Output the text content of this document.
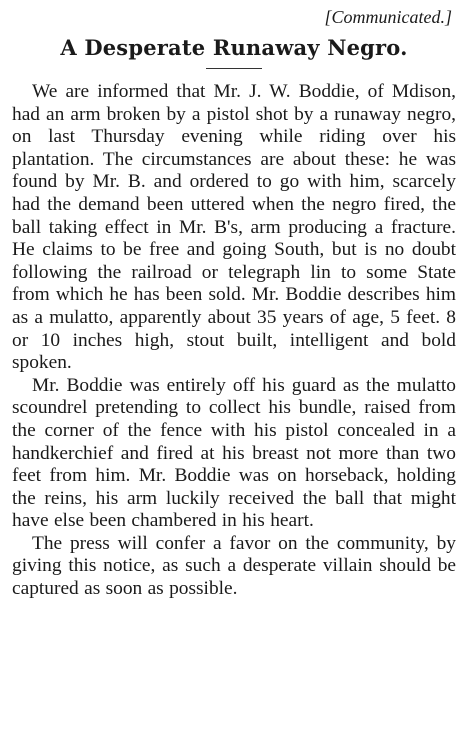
[Communicated.]
A Desperate Runaway Negro.

We are informed that Mr. J. W. Boddie, of Mdison, had an arm broken by a pistol shot by a runaway negro, on last Thursday evening while riding over his plantation. The circumstances are about these: he was found by Mr. B. and ordered to go with him, scarcely had the demand been uttered when the negro fired, the ball taking effect in Mr. B's, arm producing a fracture. He claims to be free and going South, but is no doubt following the railroad or telegraph lin to some State from which he has been sold. Mr. Boddie describes him as a mulatto, apparently about 35 years of age, 5 feet. 8 or 10 inches high, stout built, intelligent and bold spoken.

Mr. Boddie was entirely off his guard as the mulatto scoundrel pretending to collect his bundle, raised from the corner of the fence with his pistol concealed in a handkerchief and fired at his breast not more than two feet from him. Mr. Boddie was on horseback, holding the reins, his arm luckily received the ball that might have else been chambered in his heart.

The press will confer a favor on the community, by giving this notice, as such a desperate villain should be captured as soon as possible.
